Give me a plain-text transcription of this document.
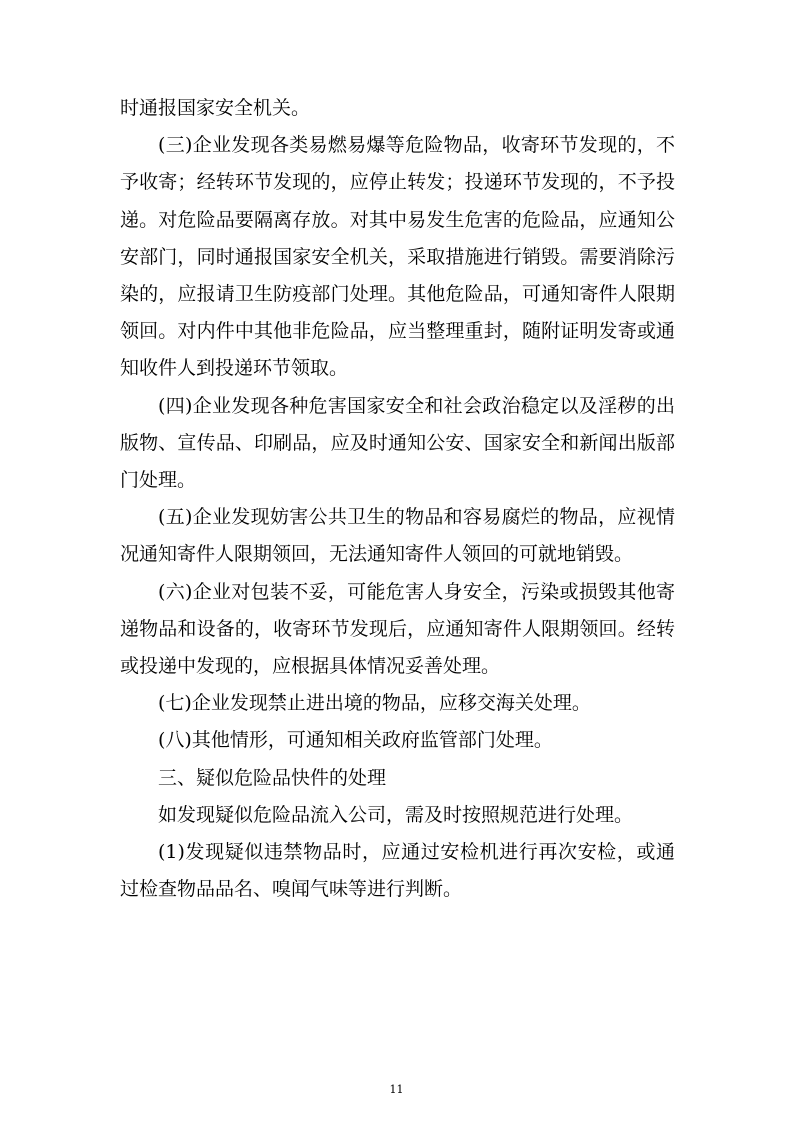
时通报国家安全机关。

(三)企业发现各类易燃易爆等危险物品，收寄环节发现的，不予收寄；经转环节发现的，应停止转发；投递环节发现的，不予投递。对危险品要隔离存放。对其中易发生危害的危险品，应通知公安部门，同时通报国家安全机关，采取措施进行销毁。需要消除污染的，应报请卫生防疫部门处理。其他危险品，可通知寄件人限期领回。对内件中其他非危险品，应当整理重封，随附证明发寄或通知收件人到投递环节领取。

(四)企业发现各种危害国家安全和社会政治稳定以及淫秽的出版物、宣传品、印刷品，应及时通知公安、国家安全和新闻出版部门处理。

(五)企业发现妨害公共卫生的物品和容易腐烂的物品，应视情况通知寄件人限期领回，无法通知寄件人领回的可就地销毁。

(六)企业对包装不妥，可能危害人身安全，污染或损毁其他寄递物品和设备的，收寄环节发现后，应通知寄件人限期领回。经转或投递中发现的，应根据具体情况妥善处理。

(七)企业发现禁止进出境的物品，应移交海关处理。

(八)其他情形，可通知相关政府监管部门处理。

三、疑似危险品快件的处理

如发现疑似危险品流入公司，需及时按照规范进行处理。

(1)发现疑似违禁物品时，应通过安检机进行再次安检，或通过检查物品品名、嗅闻气味等进行判断。

11
